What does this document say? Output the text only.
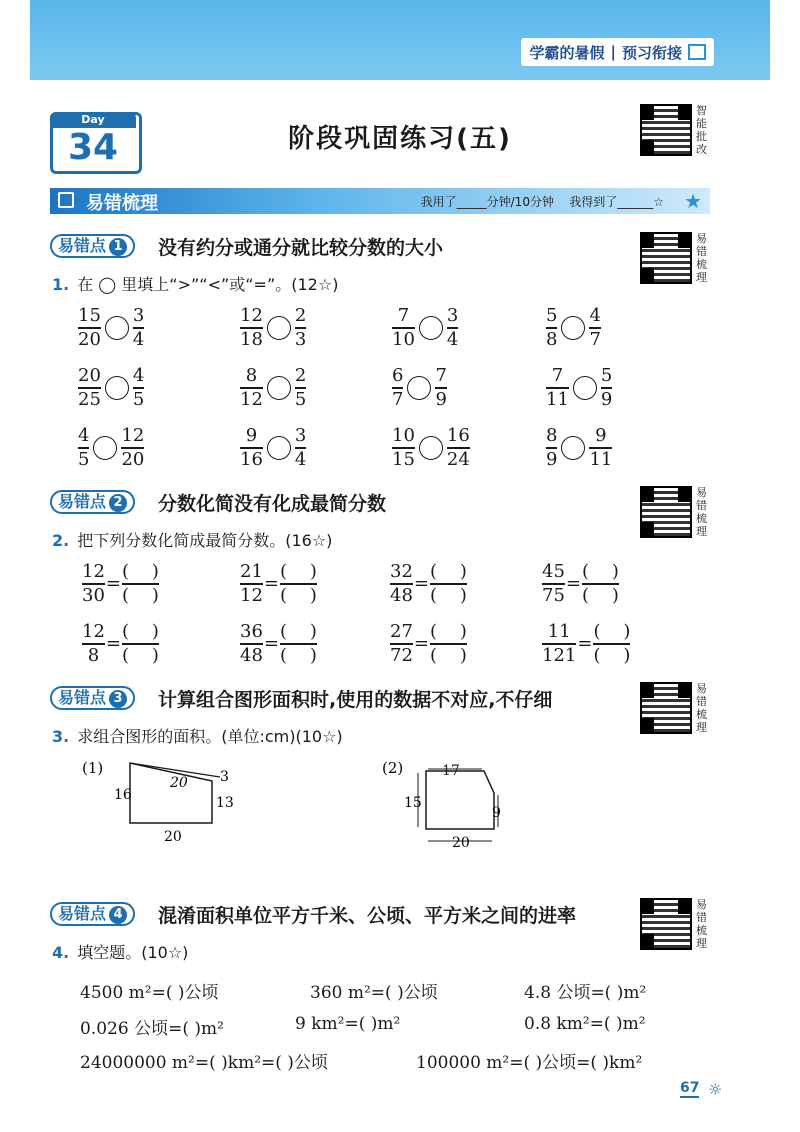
学霸的暑假 | 预习衔接
Day
34	阶段巩固练习(五)
智能批改
易错梳理	我用了_____分钟/10分钟 我得到了______☆ ★
易错点 1	没有约分或通分就比较分数的大小	易错梳理
1. 在 ◯ 里填上“>”“<”或“=”。(12☆)
$\frac{15}{20} \frac{3}{4}$	$\frac{12}{18} \frac{2}{3}$	$\frac{7}{10} \frac{3}{4}$	$\frac{5}{8} \frac{4}{7}$
$\frac{20}{25} \frac{4}{5}$	$\frac{8}{12} \frac{2}{5}$	$\frac{6}{7} \frac{7}{9}$	$\frac{7}{11} \frac{5}{9}$
$\frac{4}{5} \frac{12}{20}$	$\frac{9}{16} \frac{3}{4}$	$\frac{10}{15} \frac{16}{24}$	$\frac{8}{9} \frac{9}{11}$
易错点 2	分数化简没有化成最简分数
易错梳理
2. 把下列分数化简成最简分数。(16☆)
$\frac{12}{30} = \frac{( )}{( )}$	$\frac{21}{12} = \frac{( )}{( )}$	$\frac{32}{48} = \frac{( )}{( )}$	$\frac{45}{75} = \frac{( )}{( )}$
$\frac{12}{8} = \frac{( )}{( )}$	$\frac{36}{48} = \frac{( )}{( )}$	$\frac{27}{72} = \frac{( )}{( )}$	$\frac{11}{121} = \frac{( )}{( )}$
易错点 3	计算组合图形面积时,使用的数据不对应,不仔细
易错梳理
3. 求组合图形的面积。(单位:cm)(10☆)
(1)
20 3
16	13
20
(2)	17
15
9
20
易错点 4	混淆面积单位平方千米、公顷、平方米之间的进率
易错梳理
4. 填空题。(10☆)
4500 m²=( )公顷	360 m²=( )公顷	4.8 公顷=( )m²
0.026 公顷=( )m²	9 km²=( )m²	0.8 km²=( )m²
24000000 m²=( )km²=( )公顷	100000 m²=( )公顷=( )km²
67 ☼
